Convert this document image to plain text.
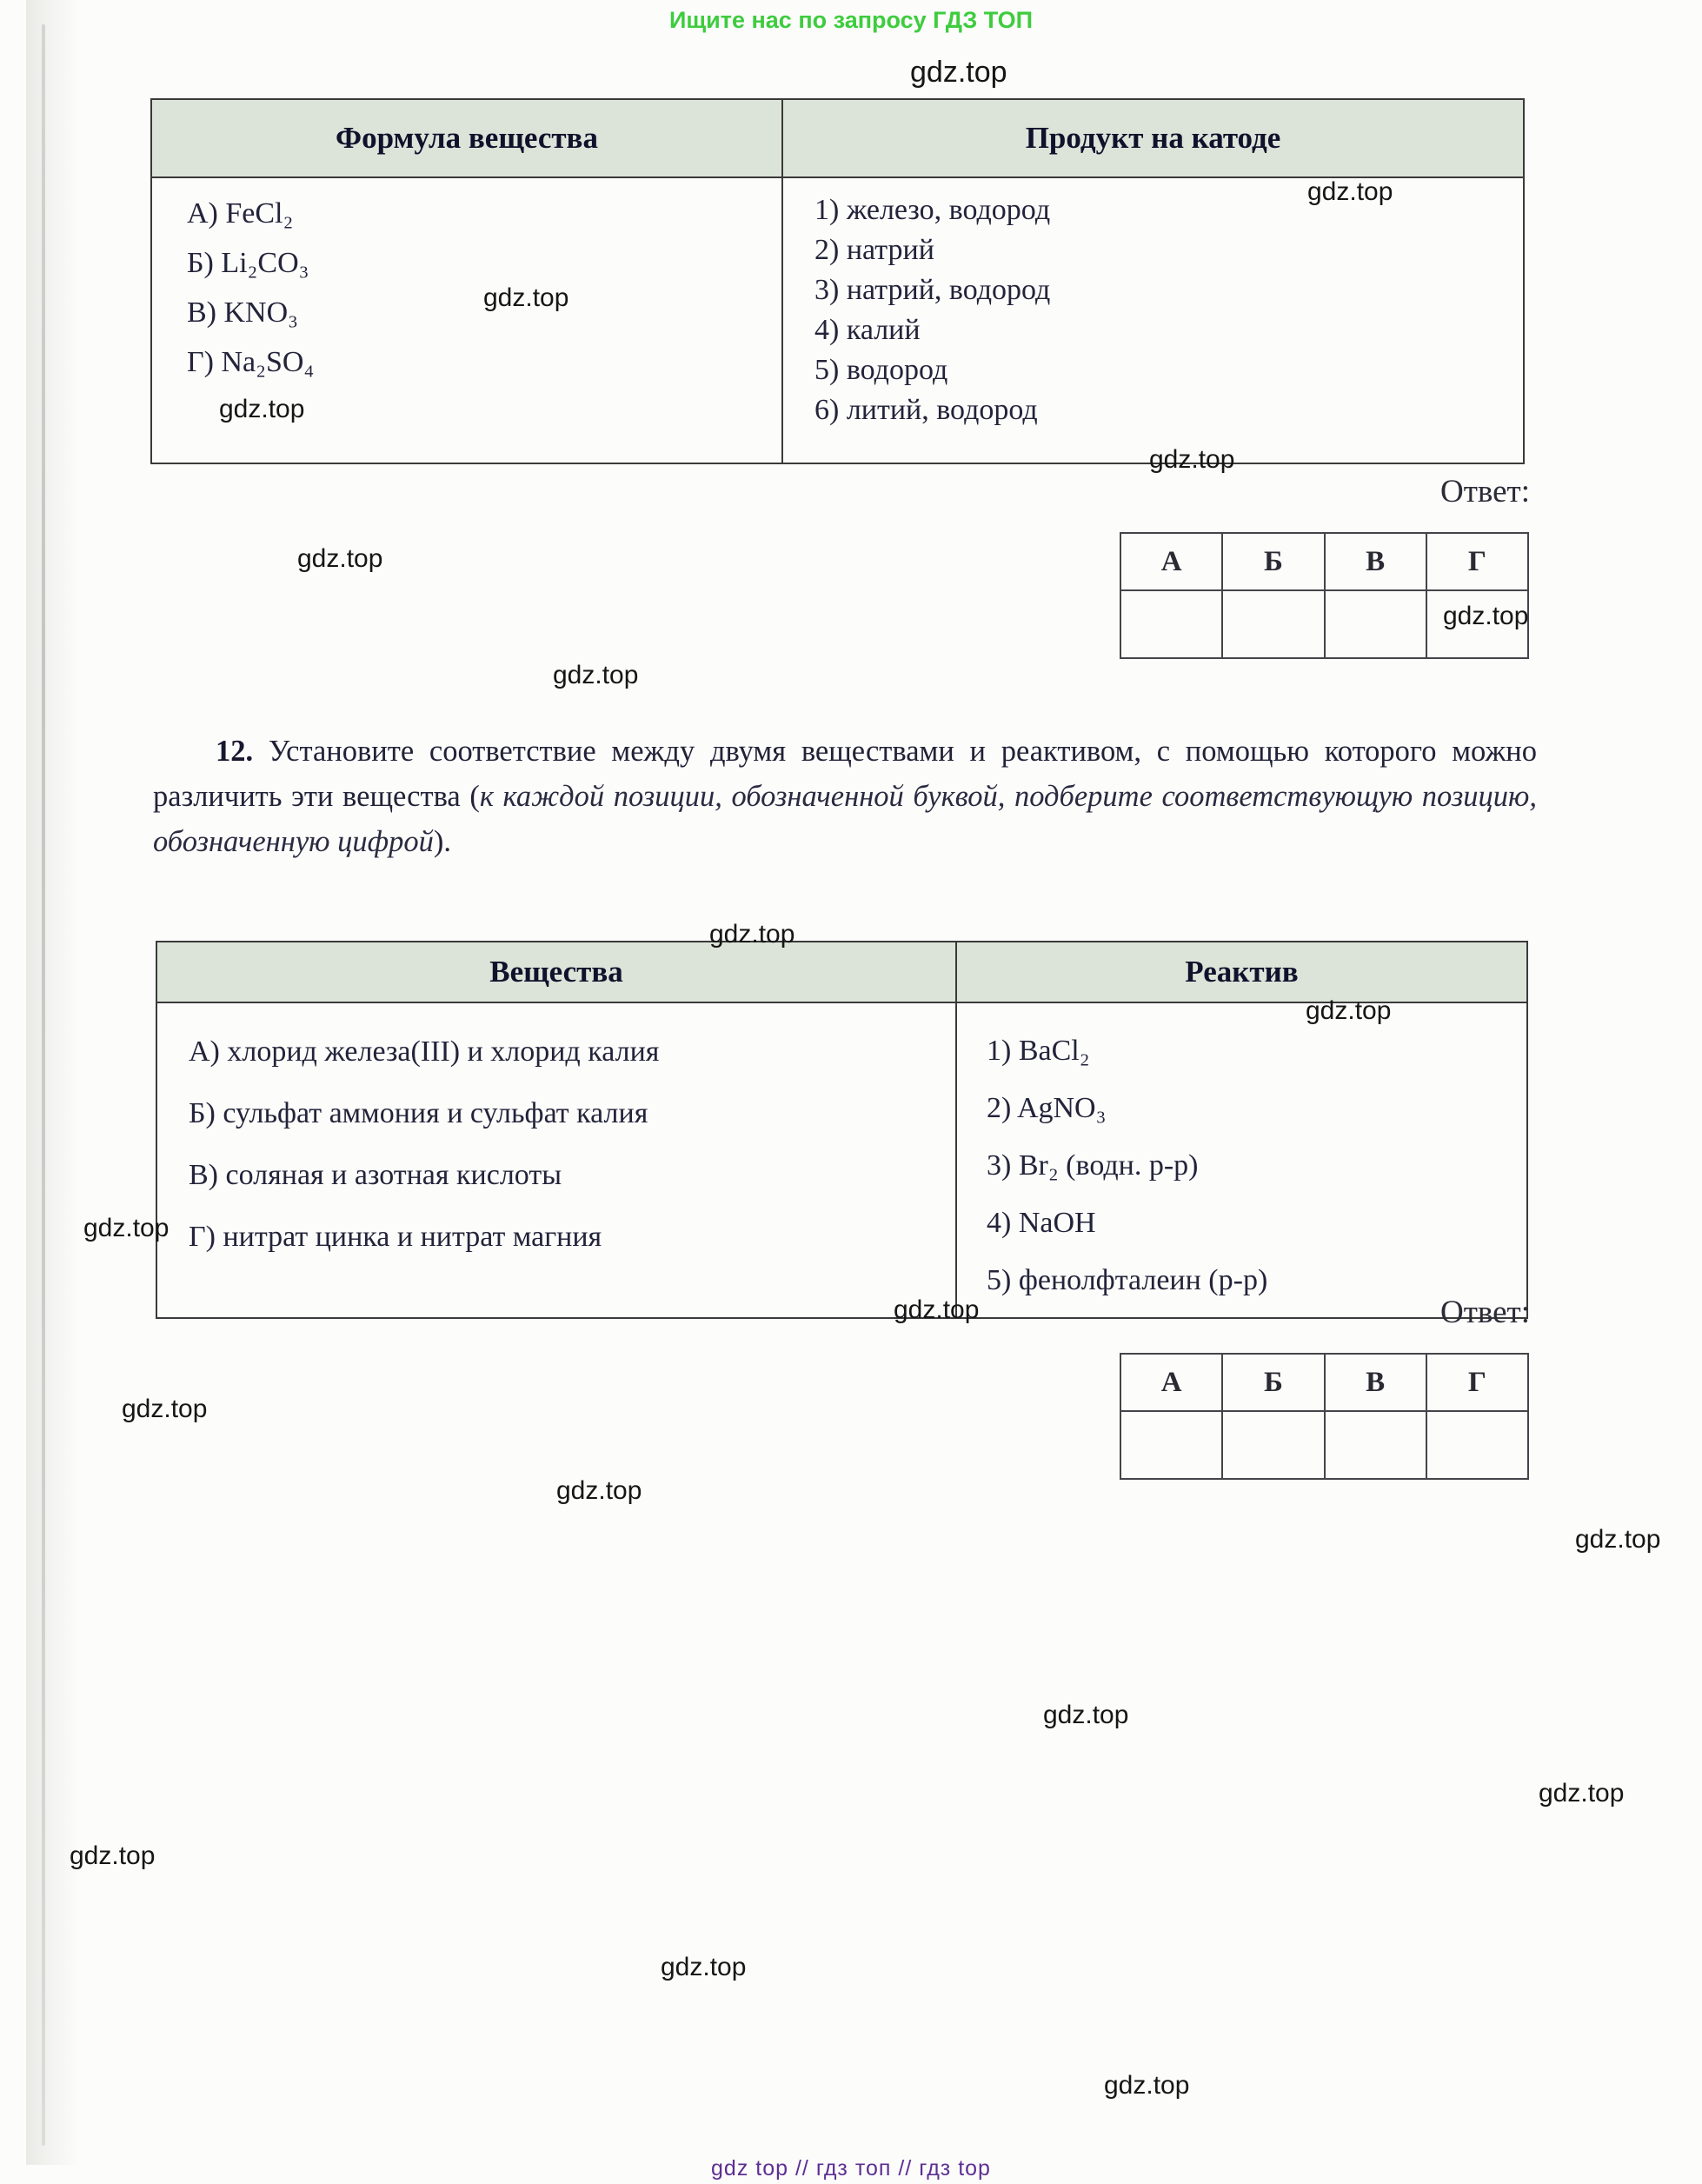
Ищите нас по запросу ГДЗ ТОП
Формула вещества	Продукт на катоде

А) FeCl₂
Б) Li₂CO₃
В) KNO₃
Г) Na₂SO₄

1) железо, водород
2) натрий
3) натрий, водород
4) калий
5) водород
6) литий, водород
Ответ:
А	Б	В	Г

12. Установите соответствие между двумя веществами и реактивом, с помощью которого можно различить эти вещества (к каждой позиции, обозначенной буквой, подберите соответствующую позицию, обозначенную цифрой).

Вещества	Реактив

А) хлорид железа(III) и хлорид калия
Б) сульфат аммония и сульфат калия
В) соляная и азотная кислоты
Г) нитрат цинка и нитрат магния

1) BaCl₂
2) AgNO₃
3) Br₂ (водн. р-р)
4) NaOH
5) фенолфталеин (р-р)
Ответ:
А	Б	В	Г

gdz top // гдз топ // гдз top
gdz.top
gdz.top
gdz.top
gdz.top
gdz.top
gdz.top
gdz.top
gdz.top
gdz.top
gdz.top
gdz.top
gdz.top
gdz.top
gdz.top
gdz.top
gdz.top
gdz.top
gdz.top
gdz.top
gdz.top
